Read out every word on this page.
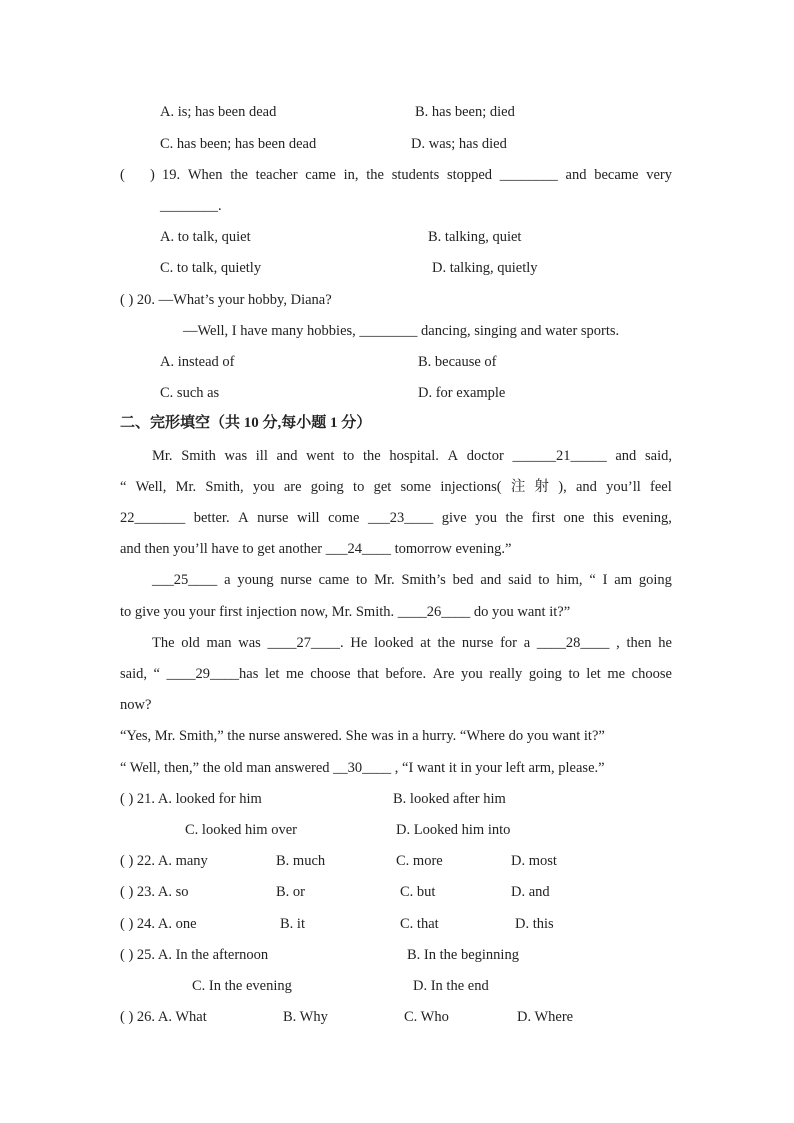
A. is; has been dead	B. has been; died
C. has been; has been dead	D. was; has died
( ) 19. When the teacher came in, the students stopped ________ and became very
________.
A. to talk, quiet	B. talking, quiet
C. to talk, quietly	D. talking, quietly
( ) 20. —What’s your hobby, Diana?
—Well, I have many hobbies, ________ dancing, singing and water sports.
A. instead of	B. because of
C. such as	D. for example
二、完形填空（共 10 分,每小题 1 分）
Mr. Smith was ill and went to the hospital. A doctor ______21_____ and said,
“ Well, Mr. Smith, you are going to get some injections( 注 射 ), and you’ll feel
22_______ better. A nurse will come ___23____ give you the first one this evening,
and then you’ll have to get another ___24____ tomorrow evening.”
___25____ a young nurse came to Mr. Smith’s bed and said to him, “ I am going
to give you your first injection now, Mr. Smith. ____26____ do you want it?”
The old man was ____27____. He looked at the nurse for a ____28____ , then he
said, “ ____29____has let me choose that before. Are you really going to let me choose
now?
“Yes, Mr. Smith,” the nurse answered. She was in a hurry. “Where do you want it?”
“ Well, then,” the old man answered __30____ , “I want it in your left arm, please.”
( ) 21. A. looked for him	B. looked after him
C. looked him over	D. Looked him into
( ) 22. A. many	B. much	C. more	D. most
( ) 23. A. so	B. or	C. but	D. and
( ) 24. A. one	B. it	C. that	D. this
( ) 25. A. In the afternoon	B. In the beginning
C. In the evening	D. In the end
( ) 26. A. What	B. Why	C. Who	D. Where
